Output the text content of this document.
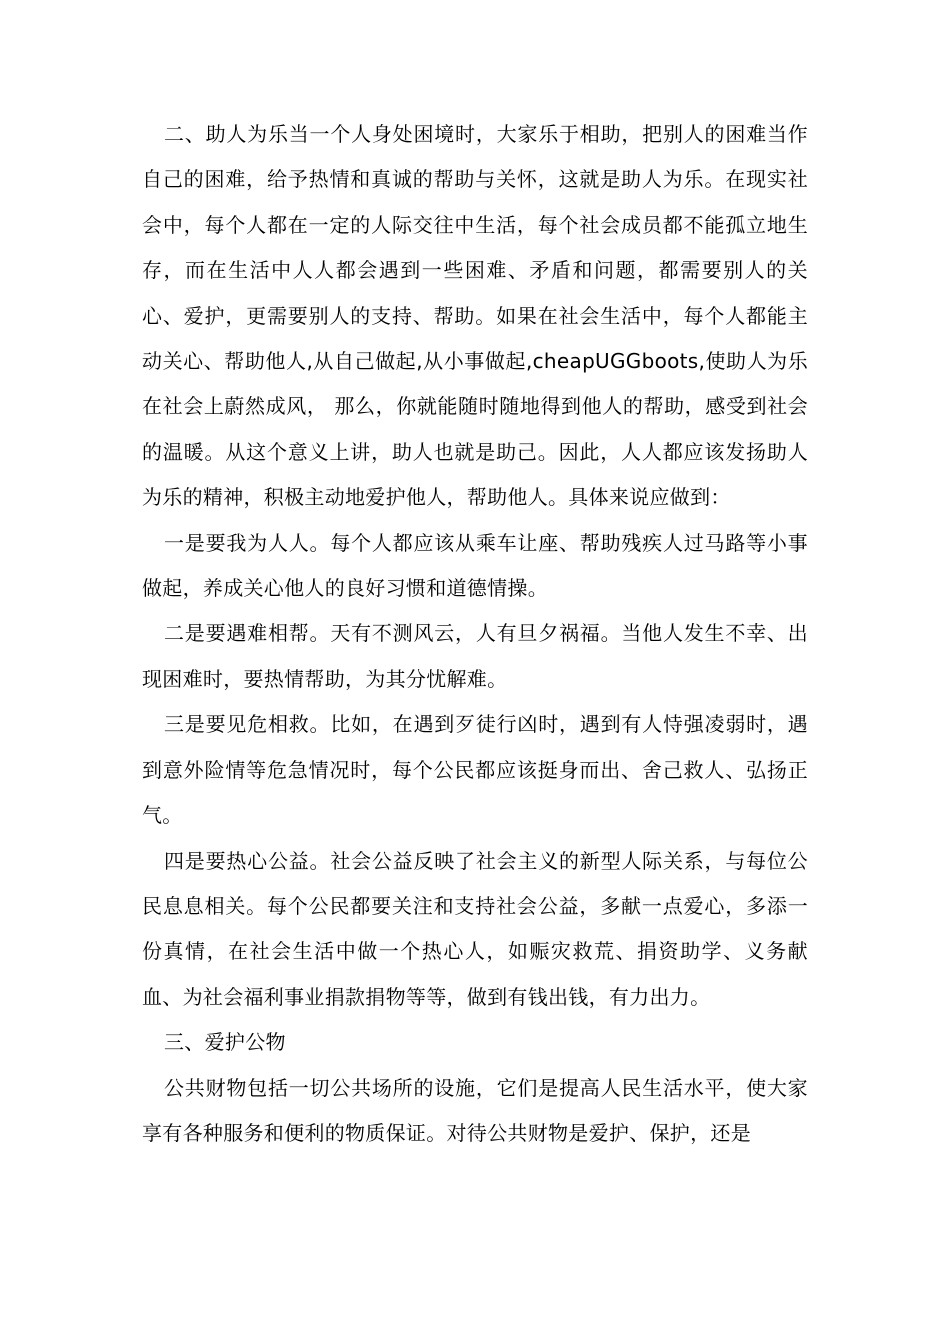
二、助人为乐当一个人身处困境时，大家乐于相助，把别人的困难当作自己的困难，给予热情和真诚的帮助与关怀，这就是助人为乐。在现实社会中，每个人都在一定的人际交往中生活，每个社会成员都不能孤立地生存，而在生活中人人都会遇到一些困难、矛盾和问题，都需要别人的关心、爱护，更需要别人的支持、帮助。如果在社会生活中，每个人都能主动关心、帮助他人,从自己做起,从小事做起,cheapUGGboots,使助人为乐在社会上蔚然成风， 那么，你就能随时随地得到他人的帮助，感受到社会的温暖。从这个意义上讲，助人也就是助己。因此，人人都应该发扬助人为乐的精神，积极主动地爱护他人，帮助他人。具体来说应做到：

一是要我为人人。每个人都应该从乘车让座、帮助残疾人过马路等小事做起，养成关心他人的良好习惯和道德情操。

二是要遇难相帮。天有不测风云，人有旦夕祸福。当他人发生不幸、出现困难时，要热情帮助，为其分忧解难。

三是要见危相救。比如，在遇到歹徒行凶时，遇到有人恃强凌弱时，遇到意外险情等危急情况时，每个公民都应该挺身而出、舍己救人、弘扬正气。

四是要热心公益。社会公益反映了社会主义的新型人际关系，与每位公民息息相关。每个公民都要关注和支持社会公益，多献一点爱心，多添一份真情，在社会生活中做一个热心人，如赈灾救荒、捐资助学、义务献血、为社会福利事业捐款捐物等等，做到有钱出钱，有力出力。

三、爱护公物

公共财物包括一切公共场所的设施，它们是提高人民生活水平，使大家享有各种服务和便利的物质保证。对待公共财物是爱护、保护，还是
